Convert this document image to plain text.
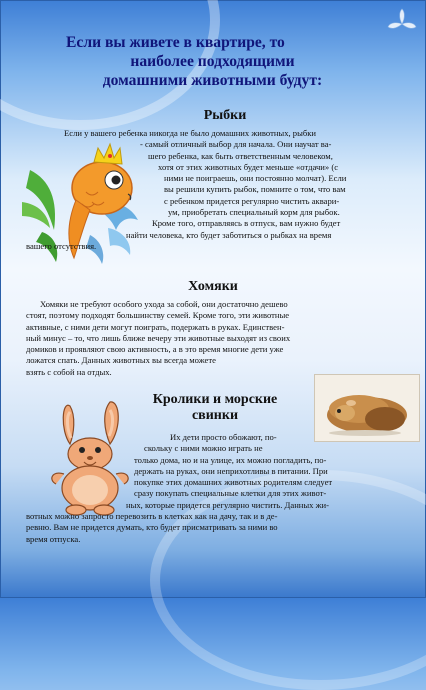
Если вы живете в квартире, то
наиболее подходящими
домашними животными будут:
Рыбки
Если у вашего ребенка никогда не было домашних животных, рыбки
- самый отличный выбор для начала. Они научат ва-
шего ребенка, как быть ответственным человеком,
хотя от этих животных будет меньше «отдачи» (с
ними не поиграешь, они постоянно молчат). Если
вы решили купить рыбок, помните о том, что вам
с ребенком придется регулярно чистить аквари-
ум, приобретать специальный корм для рыбок.
Кроме того, отправляясь в отпуск, вам нужно будет
найти человека, кто будет заботиться о рыбках на время
вашего отсутствия.
Хомяки
Хомяки не требуют особого ухода за собой, они достаточно дешево
стоят, поэтому подходят большинству семей. Кроме того, эти животные
активные, с ними дети могут поиграть, подержать в руках. Единствен-
ный минус – то, что лишь ближе вечеру эти животные выходят из своих
домиков и проявляют свою активность, а в это время многие дети уже
ложатся спать. Данных животных вы всегда можете
взять с собой на отдых.
Кролики и морские
свинки
Их дети просто обожают, по-
скольку с ними можно играть не
только дома, но и на улице, их можно погладить, по-
держать на руках, они неприхотливы в питании. При
покупке этих домашних животных родителям следует
сразу покупать специальные клетки для этих живот-
ных, которые придется регулярно чистить. Данных жи-
вотных можно запросто перевозить в клетках как на дачу, так и в де-
ревню. Вам не придется думать, кто будет присматривать за ними во
время отпуска.
